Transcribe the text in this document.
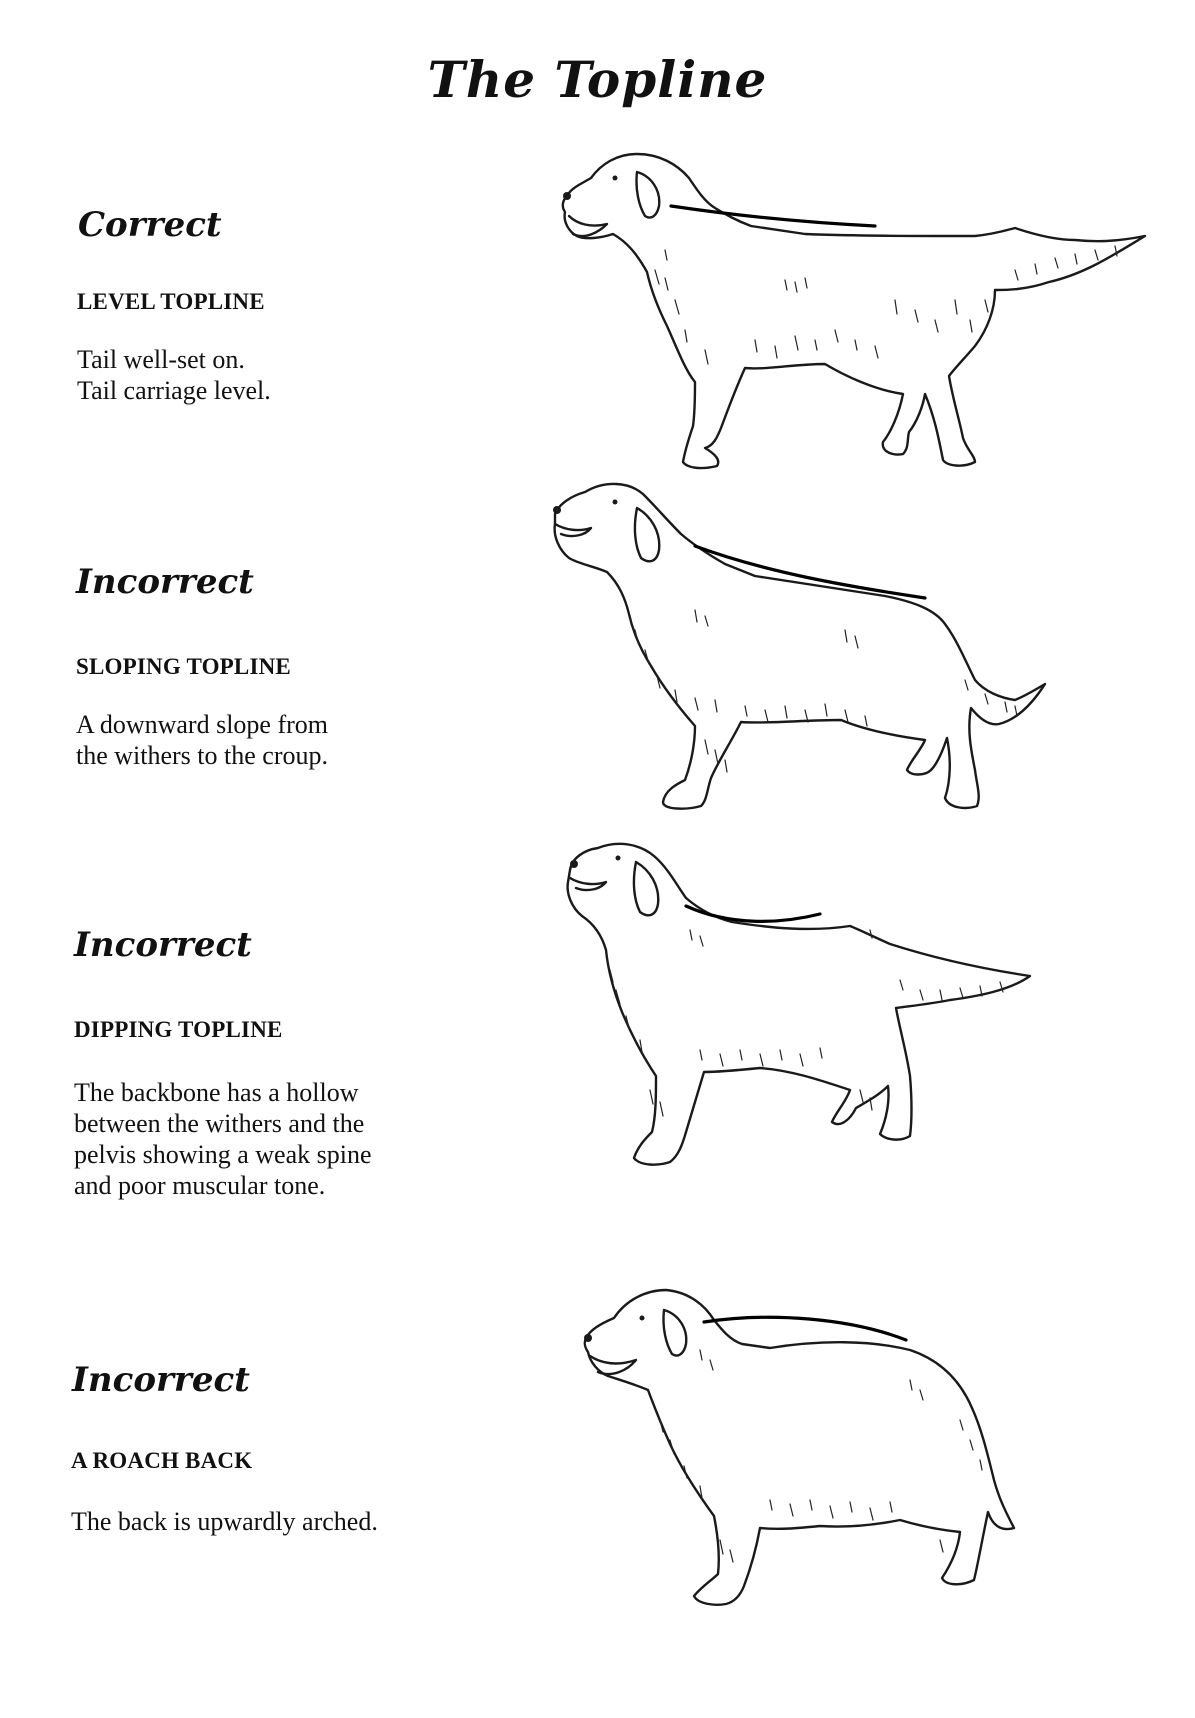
The Topline
Correct
LEVEL TOPLINE

Tail well-set on.
Tail carriage level.

Incorrect
SLOPING TOPLINE

A downward slope from
the withers to the croup.

Incorrect
DIPPING TOPLINE

The backbone has a hollow
between the withers and the
pelvis showing a weak spine
and poor muscular tone.

Incorrect
A ROACH BACK

The back is upwardly arched.
